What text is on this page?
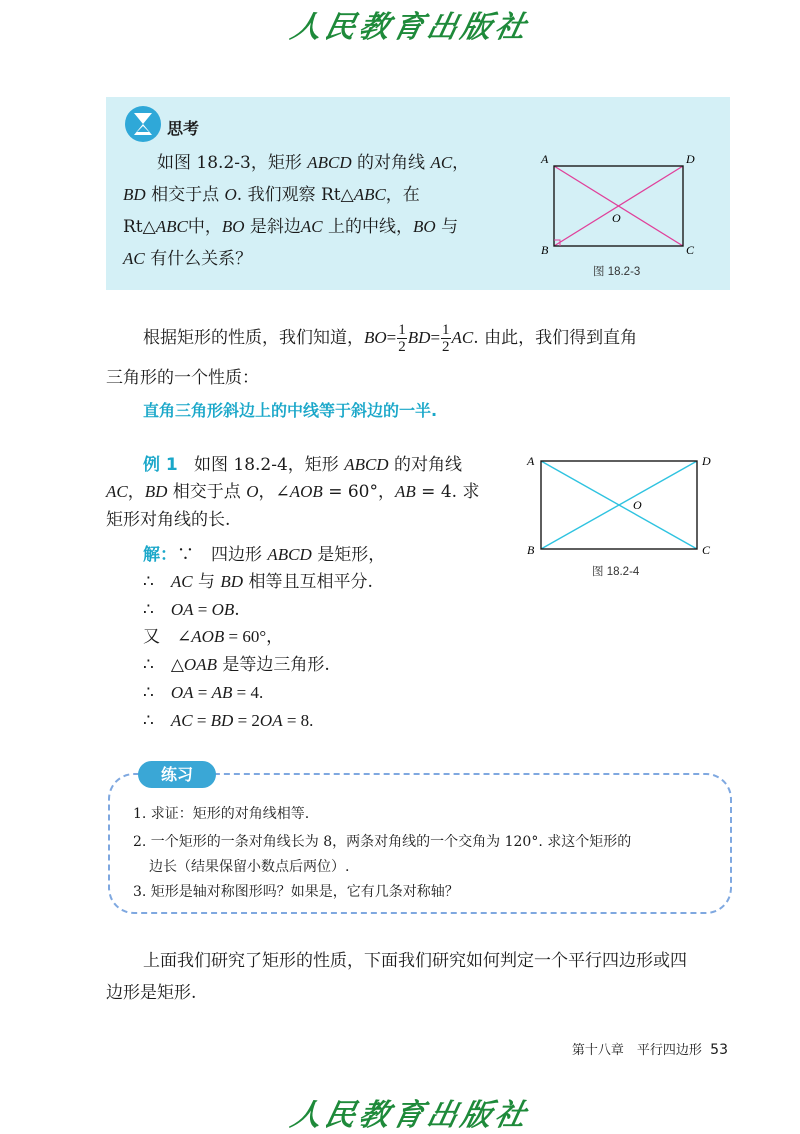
人民教育出版社
思考
如图 18.2-3，矩形 ABCD 的对角线 AC，
BD 相交于点 O. 我们观察 Rt△ABC，在
Rt△ABC中，BO 是斜边AC 上的中线，BO 与
AC 有什么关系？
A	D
B	C
O
图 18.2-3
根据矩形的性质，我们知道，$BO= \frac{1}{2} BD= \frac{1}{2}$ AC. 由此，我们得到直角
三角形的一个性质：
直角三角形斜边上的中线等于斜边的一半.
例 1 如图 18.2-4，矩形 ABCD 的对角线
AC，BD 相交于点 O，∠AOB = 60°，AB = 4. 求
矩形对角线的长.
A	D
B	C
O
图 18.2-4
解：∵　四边形 ABCD 是矩形，
∴　 AC 与 BD 相等且互相平分.
∴　 OA = OB.
又　∠AOB = 60°，
∴　△OAB 是等边三角形.
∴　 OA = AB = 4.
∴　 AC = BD = 2OA = 8.
练习
1. 求证：矩形的对角线相等.
2. 一个矩形的一条对角线长为 8，两条对角线的一个交角为 120°. 求这个矩形的
边长（结果保留小数点后两位）.
3. 矩形是轴对称图形吗？如果是，它有几条对称轴？
上面我们研究了矩形的性质，下面我们研究如何判定一个平行四边形或四
边形是矩形.
第十八章　平行四边形 53
人民教育出版社
